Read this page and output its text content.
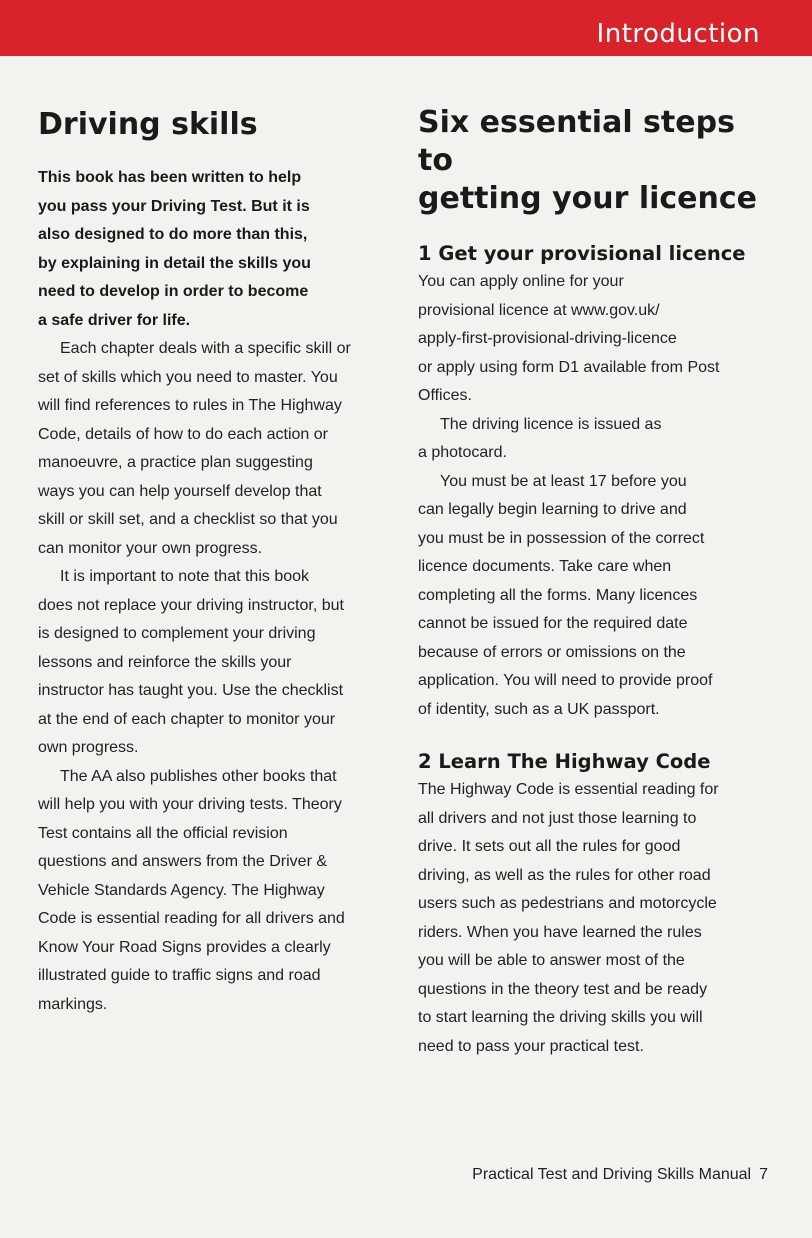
Introduction
Driving skills

This book has been written to help
you pass your Driving Test. But it is
also designed to do more than this,
by explaining in detail the skills you
need to develop in order to become
a safe driver for life.

Each chapter deals with a specific skill or
set of skills which you need to master. You
will find references to rules in The Highway
Code, details of how to do each action or
manoeuvre, a practice plan suggesting
ways you can help yourself develop that
skill or skill set, and a checklist so that you
can monitor your own progress.

It is important to note that this book
does not replace your driving instructor, but
is designed to complement your driving
lessons and reinforce the skills your
instructor has taught you. Use the checklist
at the end of each chapter to monitor your
own progress.

The AA also publishes other books that
will help you with your driving tests. Theory
Test contains all the official revision
questions and answers from the Driver &
Vehicle Standards Agency. The Highway
Code is essential reading for all drivers and
Know Your Road Signs provides a clearly
illustrated guide to traffic signs and road
markings.

Six essential steps to
getting your licence
1 Get your provisional licence

You can apply online for your
provisional licence at www.gov.uk/
apply-first-provisional-driving-licence
or apply using form D1 available from Post
Offices.

The driving licence is issued as
a photocard.

You must be at least 17 before you
can legally begin learning to drive and
you must be in possession of the correct
licence documents. Take care when
completing all the forms. Many licences
cannot be issued for the required date
because of errors or omissions on the
application. You will need to provide proof
of identity, such as a UK passport.

2 Learn The Highway Code

The Highway Code is essential reading for
all drivers and not just those learning to
drive. It sets out all the rules for good
driving, as well as the rules for other road
users such as pedestrians and motorcycle
riders. When you have learned the rules
you will be able to answer most of the
questions in the theory test and be ready
to start learning the driving skills you will
need to pass your practical test.

Practical Test and Driving Skills Manual 7
